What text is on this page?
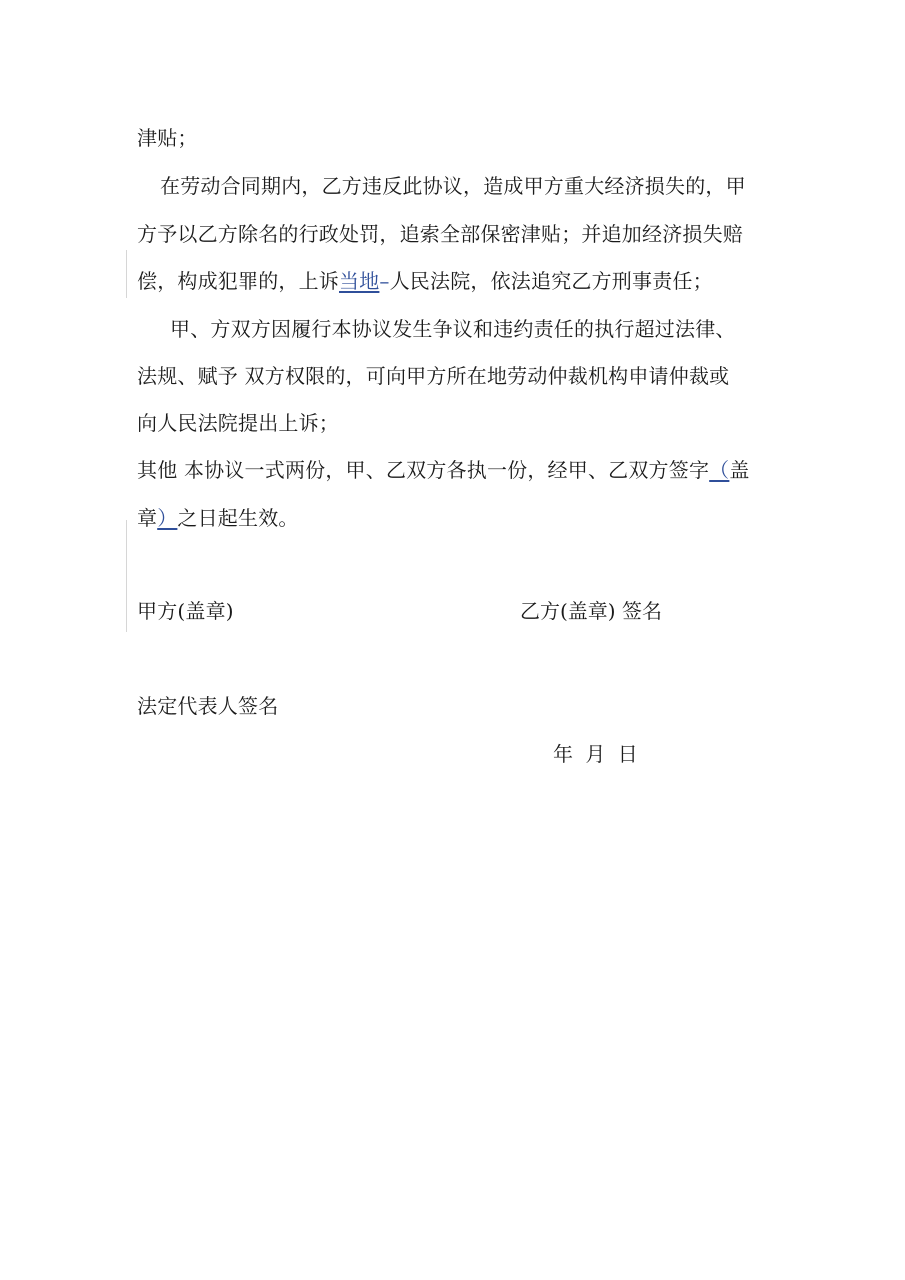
津贴；
在劳动合同期内，乙方违反此协议，造成甲方重大经济损失的，甲
方予以乙方除名的行政处罚，追索全部保密津贴；并追加经济损失赔
偿，构成犯罪的，上诉当地–人民法院，依法追究乙方刑事责任；
甲、方双方因履行本协议发生争议和违约责任的执行超过法律、
法规、赋予 双方权限的，可向甲方所在地劳动仲裁机构申请仲裁或
向人民法院提出上诉；
其他 本协议一式两份，甲、乙双方各执一份，经甲、乙双方签字（盖
章）之日起生效。
甲方(盖章)	乙方(盖章) 签名
法定代表人签名
年 月 日
